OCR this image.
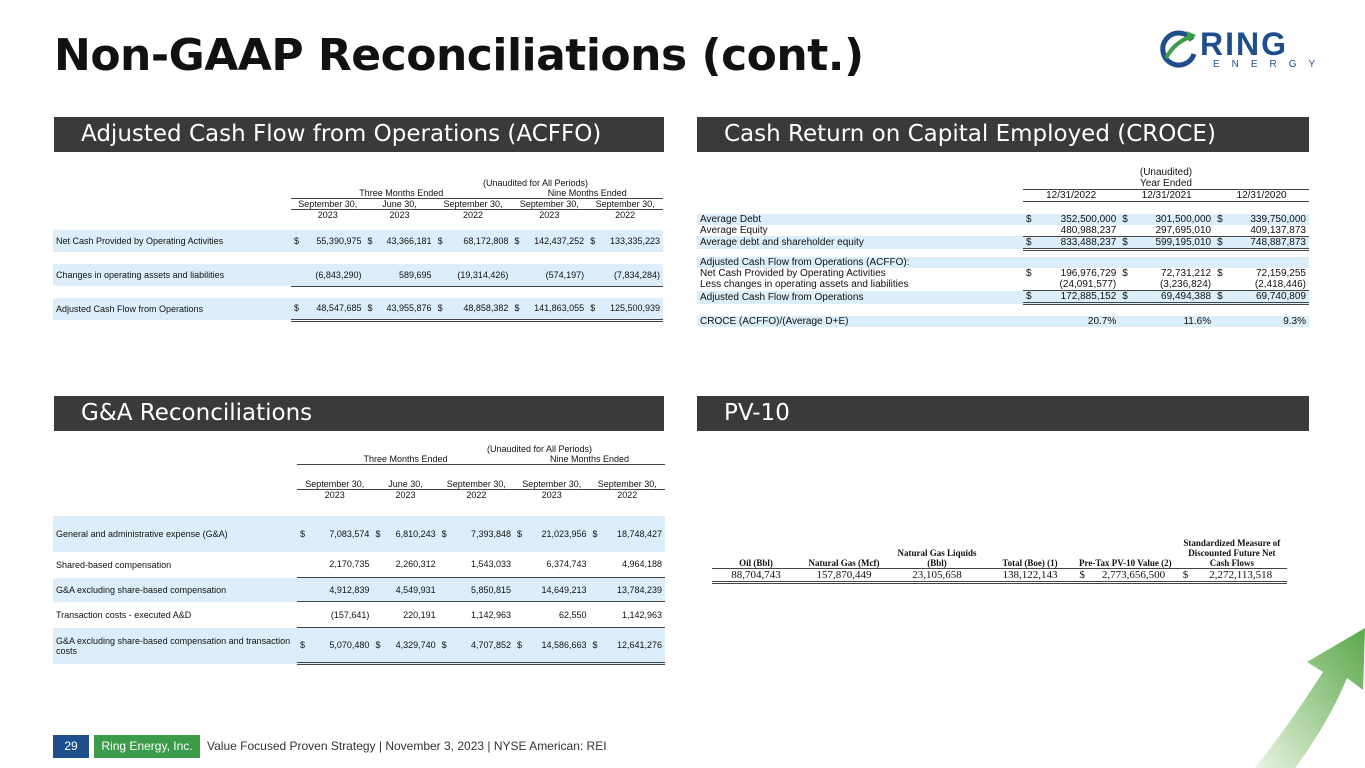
Non-GAAP Reconciliations (cont.)	RING
ENERGY
Adjusted Cash Flow from Operations (ACFFO)	Cash Return on Capital Employed (CROCE)
G&A Reconciliations	PV-10
	(Unaudited for All Periods)									
	Three Months Ended						Nine Months Ended			
	September 30,		June 30,		September 30,		September 30,		September 30,	
	2023		2023		2022		2023		2022	

Net Cash Provided by Operating Activities	$	55,390,975	$	43,366,181	$	68,172,808	$	142,437,252	$	133,335,223

Changes in operating assets and liabilities		(6,843,290)		589,695		(19,314,426)		(574,197)		(7,834,284)

Adjusted Cash Flow from Operations	$	48,547,685	$	43,955,876	$	48,858,382	$	141,863,055	$	125,500,939
	(Unaudited)					
	Year Ended					
	12/31/2022		12/31/2021		12/31/2020	

Average Debt	$	352,500,000	$	301,500,000	$	339,750,000
Average Equity		480,988,237		297,695,010		409,137,873
Average debt and shareholder equity	$	833,488,237	$	599,195,010	$	748,887,873

Adjusted Cash Flow from Operations (ACFFO):						
Net Cash Provided by Operating Activities	$	196,976,729	$	72,731,212	$	72,159,255
Less changes in operating assets and liabilities		(24,091,577)		(3,236,824)		(2,418,446)
Adjusted Cash Flow from Operations	$	172,885,152	$	69,494,388	$	69,740,809

CROCE (ACFFO)/(Average D+E)		20.7%		11.6%		9.3%
	(Unaudited for All Periods)									
	Three Months Ended						Nine Months Ended			

	September 30,		June 30,		September 30,		September 30,		September 30,	
	2023		2023		2022		2023		2022	

General and administrative expense (G&A)	$	7,083,574	$	6,810,243	$	7,393,848	$	21,023,956	$	18,748,427
Shared-based compensation		2,170,735		2,260,312		1,543,033		6,374,743		4,964,188
G&A excluding share-based compensation		4,912,839		4,549,931		5,850,815		14,649,213		13,784,239
Transaction costs - executed A&D		(157,641)		220,191		1,142,963		62,550		1,142,963
G&A excluding share-based compensation and transaction costs	$	5,070,480	$	4,329,740	$	4,707,852	$	14,586,663	$	12,641,276
Oil (Bbl)	Natural Gas (Mcf)	Natural Gas Liquids (Bbl)	Total (Boe) (1)	Pre-Tax PV-10 Value (2)		Standardized Measure of Discounted Future Net Cash Flows	
88,704,743	157,870,449	23,105,658	138,122,143	$	2,773,656,500	$	2,272,113,518
29	Ring Energy, Inc.	Value Focused Proven Strategy | November 3, 2023 | NYSE American: REI
